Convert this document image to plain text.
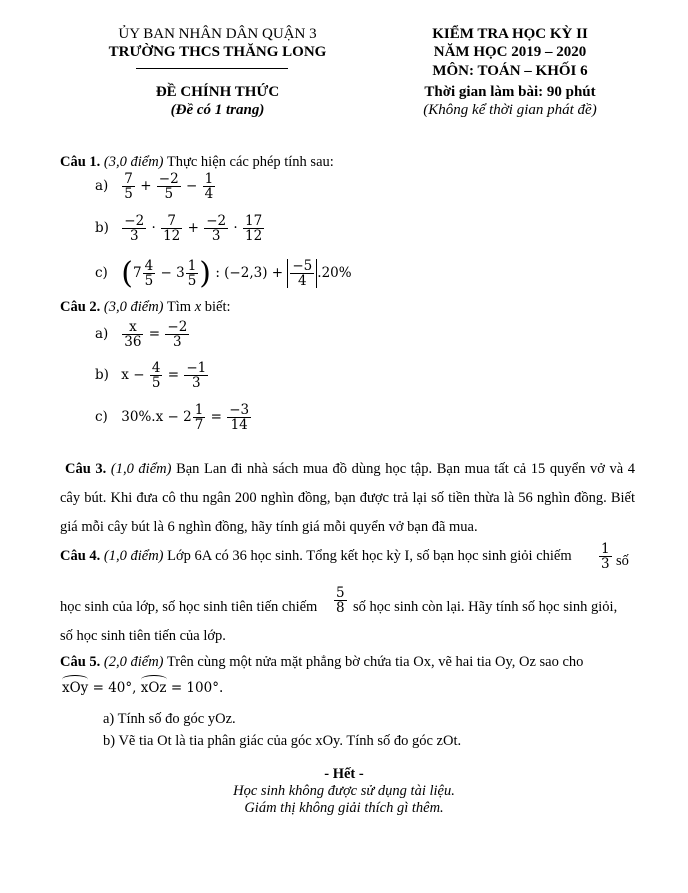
ỦY BAN NHÂN DÂN QUẬN 3
TRƯỜNG THCS THĂNG LONG
ĐỀ CHÍNH THỨC
(Đề có 1 trang)
KIỂM TRA HỌC KỲ II
NĂM HỌC 2019 – 2020
MÔN: TOÁN – KHỐI 6
Thời gian làm bài: 90 phút
(Không kể thời gian phát đề)
Câu 1. (3,0 điểm) Thực hiện các phép tính sau:
$a) \frac{7}{5} + \frac{-2}{5} - \frac{1}{4}$
$b) \frac{-2}{3} \cdot \frac{7}{12} + \frac{-2}{3} \cdot \frac{17}{12}$
c) ($7 \frac{4}{5} - 3 \frac{1}{5}$ ) : $(-2,3) + \frac{-5}{4} .20\%$
Câu 2. (3,0 điểm) Tìm x biết:
$a) \frac{x}{36} = \frac{-2}{3}$
b) $x - \frac{4}{5} = \frac{-1}{3}$
c) $30\%.x - 2 \frac{1}{7} = \frac{-3}{14}$
Câu 3. (1,0 điểm) Bạn Lan đi nhà sách mua đồ dùng học tập. Bạn mua tất cả 15 quyển vở và 4 cây bút. Khi đưa cô thu ngân 200 nghìn đồng, bạn được trả lại số tiền thừa là 56 nghìn đồng. Biết giá mỗi cây bút là 6 nghìn đồng, hãy tính giá mỗi quyển vở bạn đã mua.
Câu 4. (1,0 điểm) Lớp 6A có 36 học sinh. Tổng kết học kỳ I, số bạn học sinh giỏi chiếm $\frac{1}{3}$ số
học sinh của lớp, số học sinh tiên tiến chiếm $\frac{5}{8}$ số học sinh còn lại. Hãy tính số học sinh giỏi,
số học sinh tiên tiến của lớp.
Câu 5. (2,0 điểm) Trên cùng một nửa mặt phẳng bờ chứa tia Ox, vẽ hai tia Oy, Oz sao cho
xOy = 40°, xOz = 100°.
a) Tính số đo góc yOz.
b) Vẽ tia Ot là tia phân giác của góc xOy. Tính số đo góc zOt.
- Hết -
Học sinh không được sử dụng tài liệu.
Giám thị không giải thích gì thêm.
